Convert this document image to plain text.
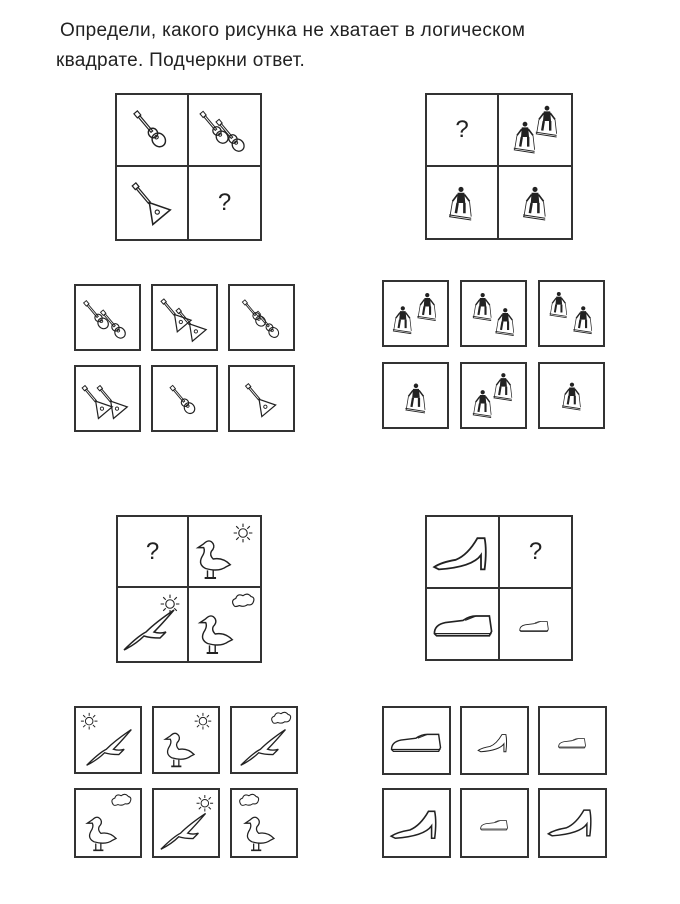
Определи, какого рисунка не хватает в логическом
квадрате. Подчеркни ответ.
?
?
?	?
